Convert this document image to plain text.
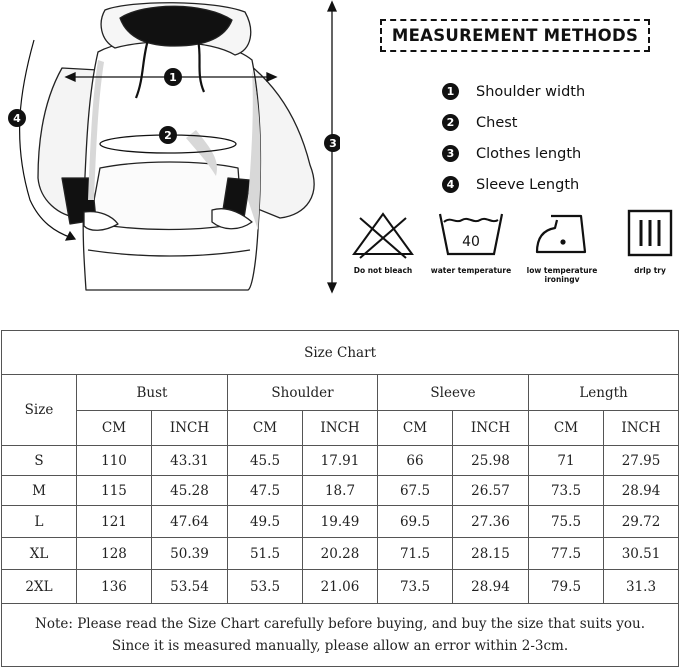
1
2
3
4
MEASUREMENT METHODS
1	Shoulder width
2	Chest
3	Clothes length
4	Sleeve Length
Do not bleach
40
water temperature	low temperature
ironingv
drlp try
Size Chart								
Size	Bust		Shoulder		Sleeve		Length	
	CM	INCH	CM	INCH	CM	INCH	CM	INCH
S	110	43.31	45.5	17.91	66	25.98	71	27.95
M	115	45.28	47.5	18.7	67.5	26.57	73.5	28.94
L	121	47.64	49.5	19.49	69.5	27.36	75.5	29.72
XL	128	50.39	51.5	20.28	71.5	28.15	77.5	30.51
2XL	136	53.54	53.5	21.06	73.5	28.94	79.5	31.3

Note: Please read the Size Chart carefully before buying, and buy the size that suits you.
Since it is measured manually, please allow an error within 2-3cm.								
